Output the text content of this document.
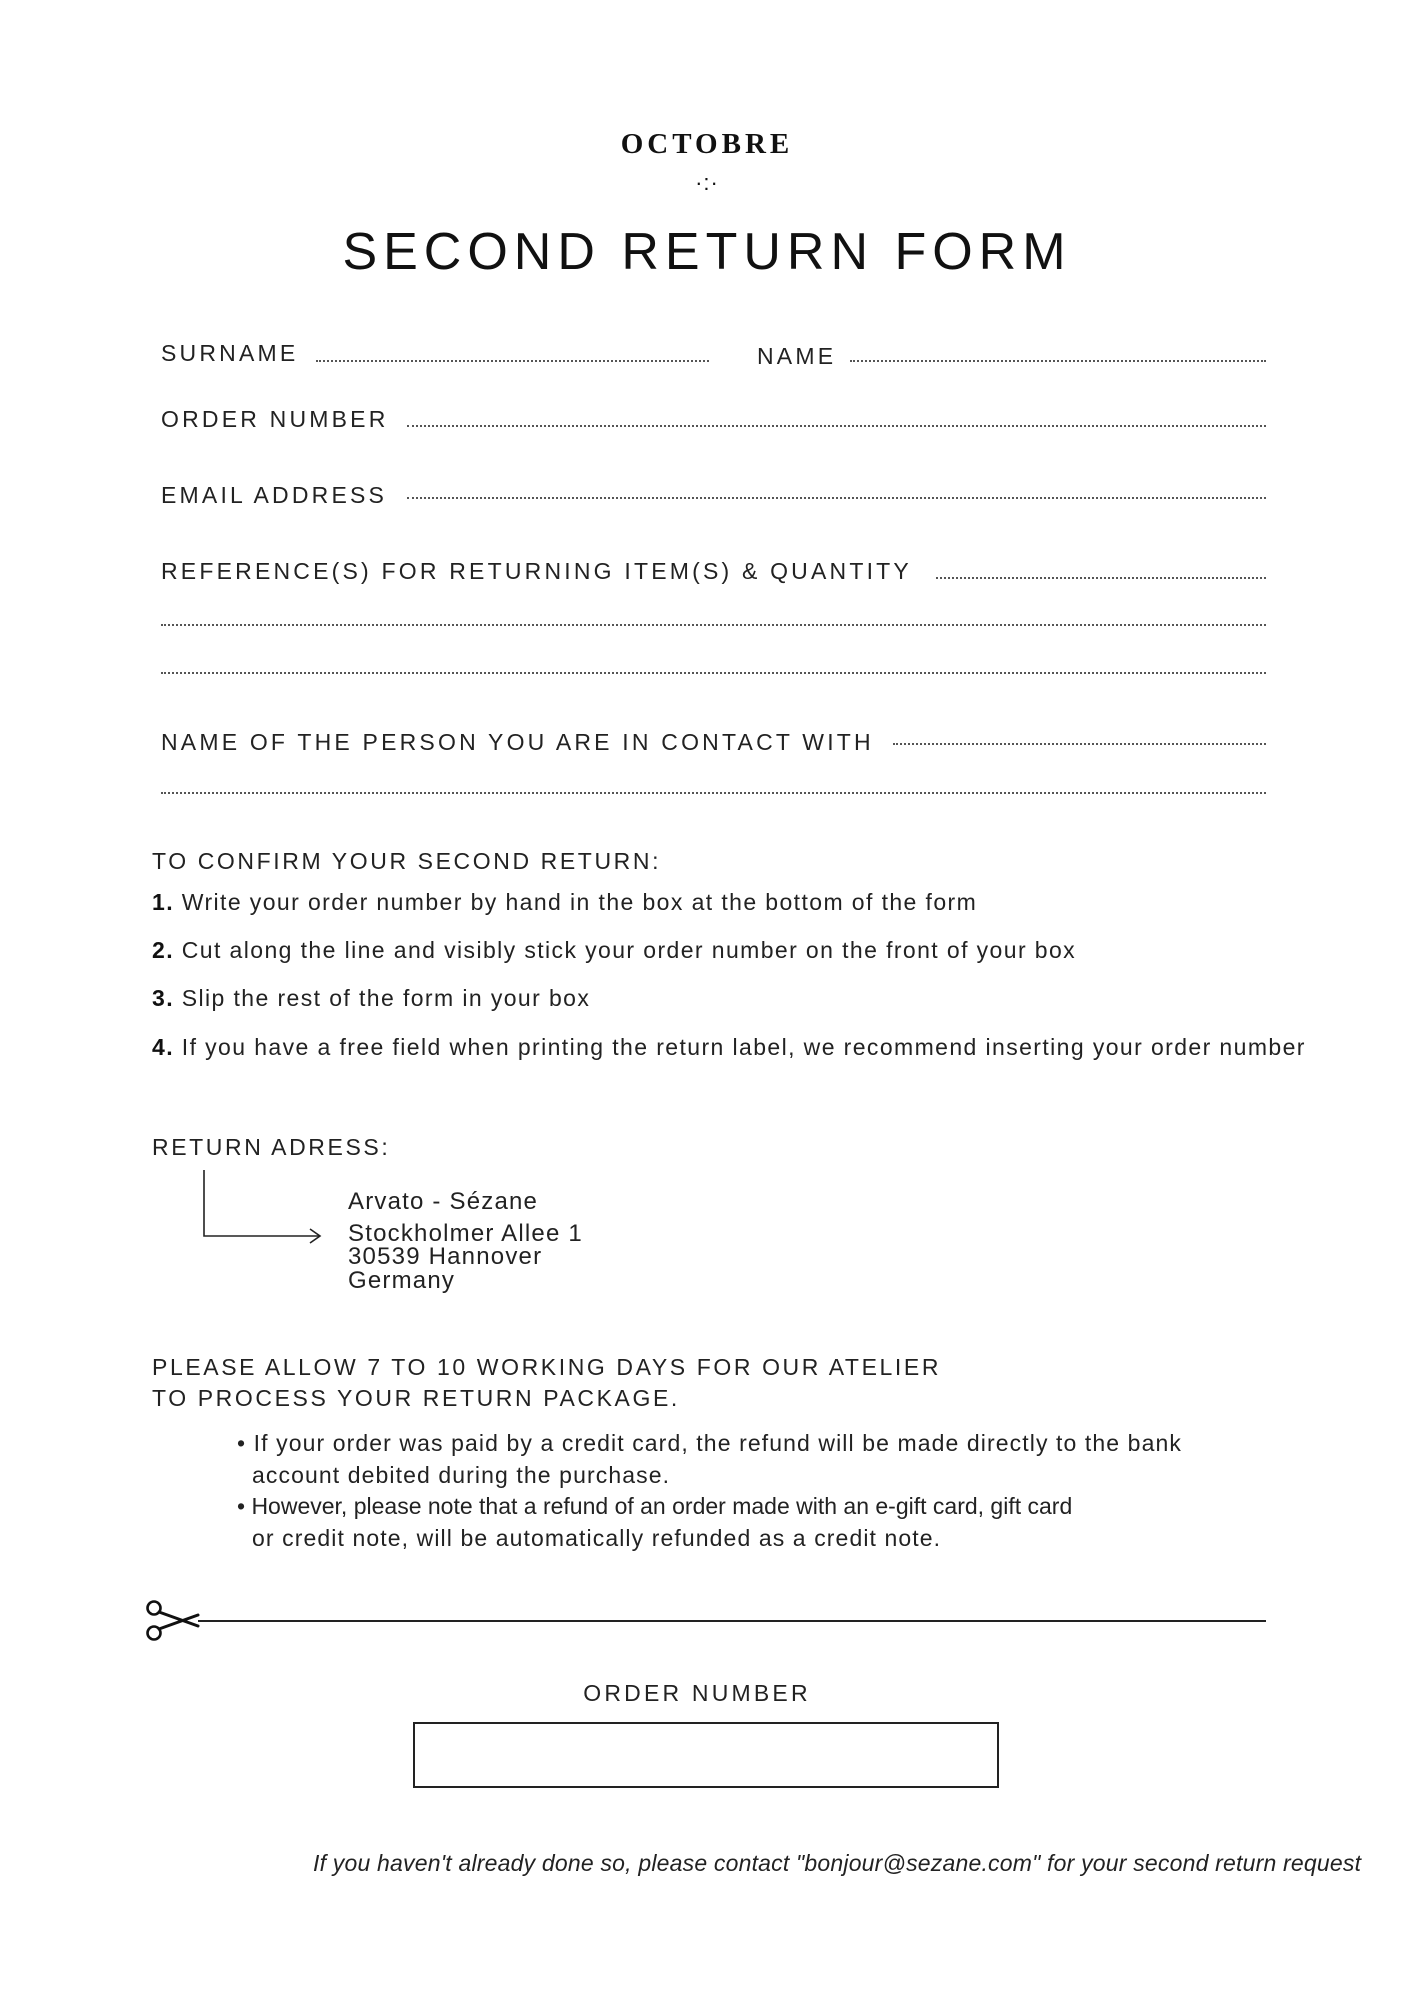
OCTOBRE
·:·
SECOND RETURN FORM
SURNAME	NAME
ORDER NUMBER
EMAIL ADDRESS
REFERENCE(S) FOR RETURNING ITEM(S) & QUANTITY
NAME OF THE PERSON YOU ARE IN CONTACT WITH
TO CONFIRM YOUR SECOND RETURN:
1. Write your order number by hand in the box at the bottom of the form
2. Cut along the line and visibly stick your order number on the front of your box
3. Slip the rest of the form in your box
4. If you have a free field when printing the return label, we recommend inserting your order number
RETURN ADRESS:
Arvato - Sézane
Stockholmer Allee 1
30539 Hannover
Germany
PLEASE ALLOW 7 TO 10 WORKING DAYS FOR OUR ATELIER
TO PROCESS YOUR RETURN PACKAGE.
• If your order was paid by a credit card, the refund will be made directly to the bank
account debited during the purchase.
• However, please note that a refund of an order made with an e-gift card, gift card
or credit note, will be automatically refunded as a credit note.
ORDER NUMBER
If you haven't already done so, please contact "bonjour@sezane.com" for your second return request
